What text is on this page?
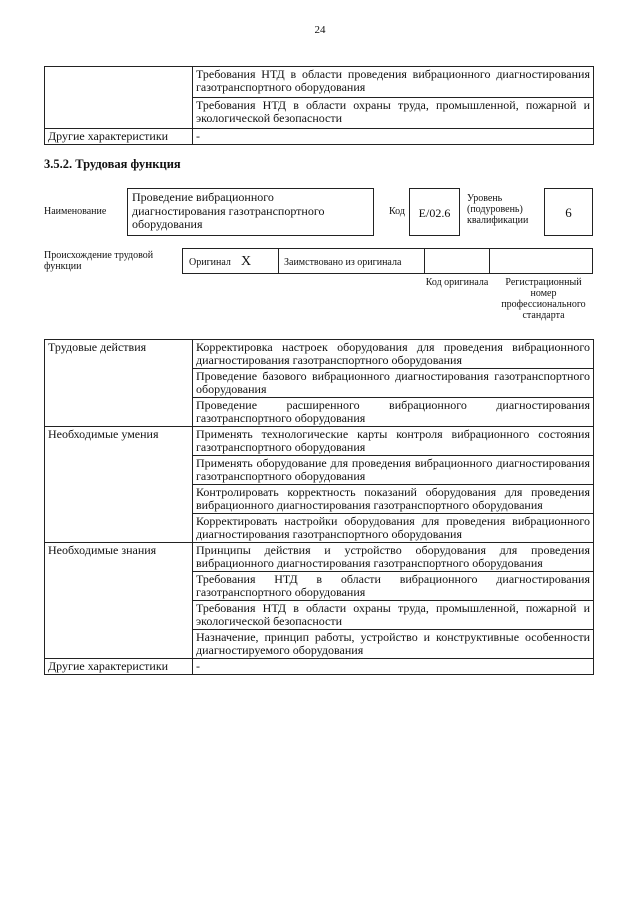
24
	Требования НТД в области проведения вибрационного диагностирования газотранспортного оборудования
	Требования НТД в области охраны труда, промышленной, пожарной и экологической безопасности
Другие характеристики	-
3.5.2. Трудовая функция
Наименование
Проведение вибрационного диагностирования газотранспортного оборудования
Код	E/02.6
Уровень (подуровень) квалификации
6
Происхождение трудовой функции	Оригинал X	Заимствовано из оригинала
Код оригинала	Регистрационный номер профессионального стандарта
Трудовые действия	Корректировка настроек оборудования для проведения вибрационного диагностирования газотранспортного оборудования
	Проведение базового вибрационного диагностирования газотранспортного оборудования
	Проведение расширенного вибрационного диагностирования газотранспортного оборудования
Необходимые умения	Применять технологические карты контроля вибрационного состояния газотранспортного оборудования
	Применять оборудование для проведения вибрационного диагностирования газотранспортного оборудования
	Контролировать корректность показаний оборудования для проведения вибрационного диагностирования газотранспортного оборудования
	Корректировать настройки оборудования для проведения вибрационного диагностирования газотранспортного оборудования
Необходимые знания	Принципы действия и устройство оборудования для проведения вибрационного диагностирования газотранспортного оборудования
	Требования НТД в области вибрационного диагностирования газотранспортного оборудования
	Требования НТД в области охраны труда, промышленной, пожарной и экологической безопасности
	Назначение, принцип работы, устройство и конструктивные особенности диагностируемого оборудования
Другие характеристики	-
